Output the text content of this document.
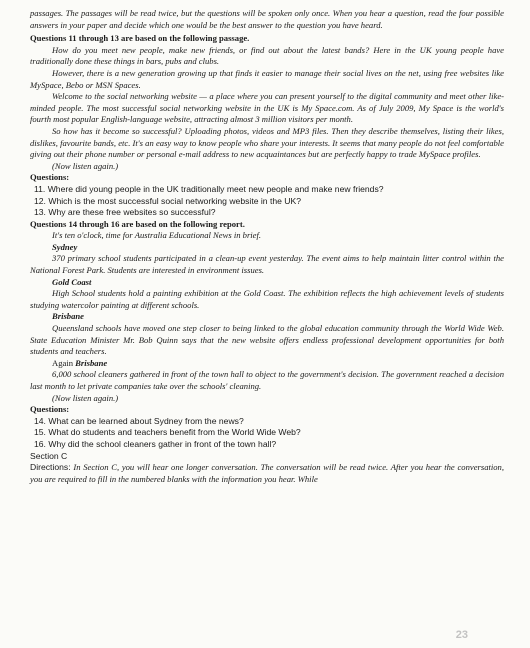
passages. The passages will be read twice, but the questions will be spoken only once. When you hear a question, read the four possible answers in your paper and decide which one would be the best answer to the question you have heard.

Questions 11 through 13 are based on the following passage.

How do you meet new people, make new friends, or find out about the latest bands? Here in the UK young people have traditionally done these things in bars, pubs and clubs.

However, there is a new generation growing up that finds it easier to manage their social lives on the net, using free websites like MySpace, Bebo or MSN Spaces.

Welcome to the social networking website — a place where you can present yourself to the digital community and meet other like-minded people. The most successful social networking website in the UK is My Space.com. As of July 2009, My Space is the world's fourth most popular English-language website, attracting almost 3 million visitors per month.

So how has it become so successful? Uploading photos, videos and MP3 files. Then they describe themselves, listing their likes, dislikes, favourite bands, etc. It's an easy way to know people who share your interests. It seems that many people do not feel comfortable giving out their phone number or personal e-mail address to new acquaintances but are perfectly happy to trade MySpace profiles.

(Now listen again.)

Questions:

11. Where did young people in the UK traditionally meet new people and make new friends?

12. Which is the most successful social networking website in the UK?

13. Why are these free websites so successful?

Questions 14 through 16 are based on the following report.

It's ten o'clock, time for Australia Educational News in brief.

Sydney

370 primary school students participated in a clean-up event yesterday. The event aims to help maintain litter control within the National Forest Park. Students are interested in environment issues.

Gold Coast

High School students hold a painting exhibition at the Gold Coast. The exhibition reflects the high achievement levels of students studying watercolor painting at different schools.

Brisbane

Queensland schools have moved one step closer to being linked to the global education community through the World Wide Web. State Education Minister Mr. Bob Quinn says that the new website offers endless professional development opportunities for both students and teachers.

Again Brisbane

6,000 school cleaners gathered in front of the town hall to object to the government's decision. The government reached a decision last month to let private companies take over the schools' cleaning.

(Now listen again.)

Questions:

14. What can be learned about Sydney from the news?

15. What do students and teachers benefit from the World Wide Web?

16. Why did the school cleaners gather in front of the town hall?

Section C

Directions: In Section C, you will hear one longer conversation. The conversation will be read twice. After you hear the conversation, you are required to fill in the numbered blanks with the information you hear. While

23
